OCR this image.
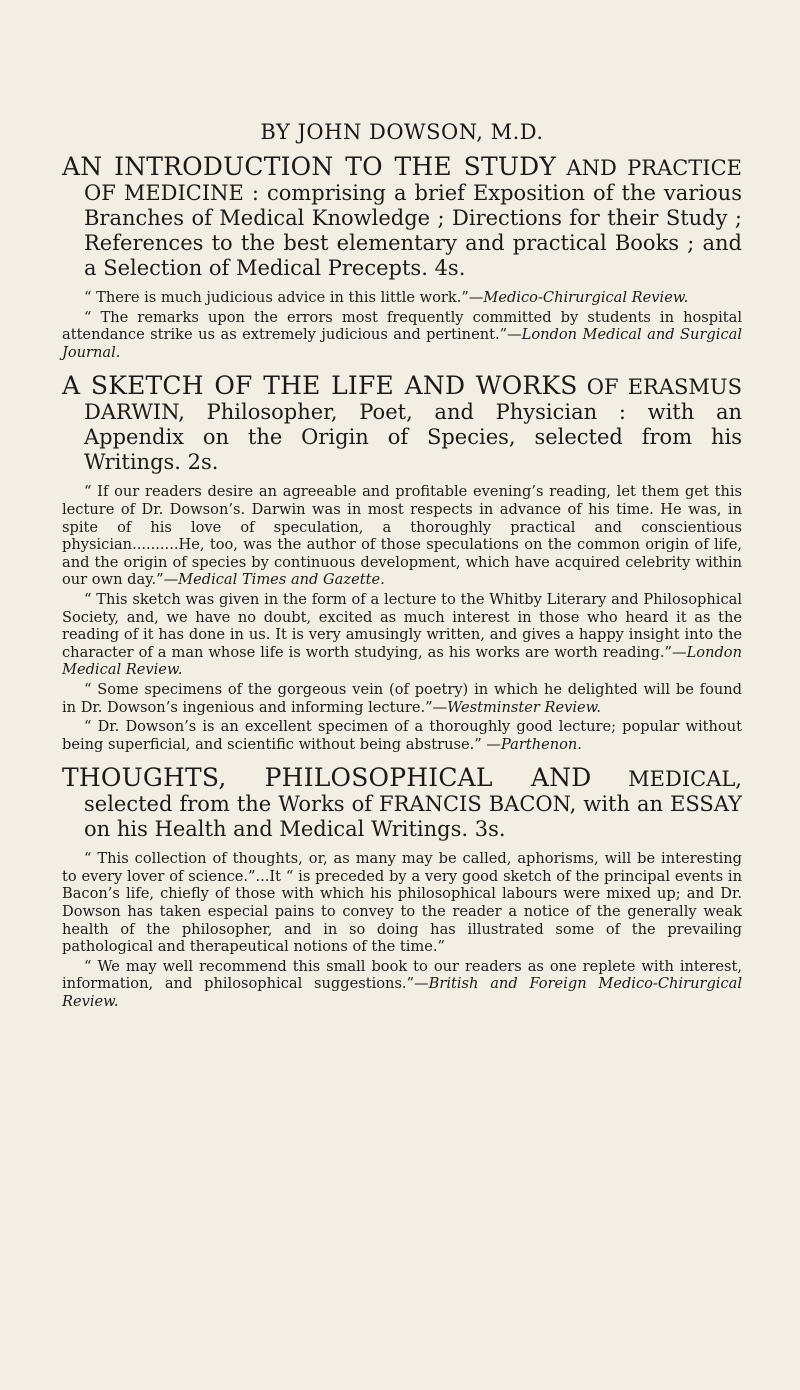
BY JOHN DOWSON, M.D.

AN INTRODUCTION TO THE STUDY AND PRACTICE OF MEDICINE : comprising a brief Exposition of the various Branches of Medical Knowledge ; Directions for their Study ; References to the best elementary and practical Books ; and a Selection of Medical Precepts. 4s.

“ There is much judicious advice in this little work.”—Medico-Chirurgical Review.

“ The remarks upon the errors most frequently committed by students in hospital attendance strike us as extremely judicious and pertinent.”—London Medical and Surgical Journal.

A SKETCH OF THE LIFE AND WORKS OF ERASMUS DARWIN, Philosopher, Poet, and Physician : with an Appendix on the Origin of Species, selected from his Writings. 2s.

“ If our readers desire an agreeable and profitable evening’s reading, let them get this lecture of Dr. Dowson’s. Darwin was in most respects in advance of his time. He was, in spite of his love of speculation, a thoroughly practical and conscientious physician..........He, too, was the author of those speculations on the common origin of life, and the origin of species by continuous development, which have acquired celebrity within our own day.”—Medical Times and Gazette.

“ This sketch was given in the form of a lecture to the Whitby Literary and Philosophical Society, and, we have no doubt, excited as much interest in those who heard it as the reading of it has done in us. It is very amusingly written, and gives a happy insight into the character of a man whose life is worth studying, as his works are worth reading.”—London Medical Review.

“ Some specimens of the gorgeous vein (of poetry) in which he delighted will be found in Dr. Dowson’s ingenious and informing lecture.”—Westminster Review.

“ Dr. Dowson’s is an excellent specimen of a thoroughly good lecture; popular without being superficial, and scientific without being abstruse.” —Parthenon.

THOUGHTS, PHILOSOPHICAL AND MEDICAL, selected from the Works of FRANCIS BACON, with an ESSAY on his Health and Medical Writings. 3s.

“ This collection of thoughts, or, as many may be called, aphorisms, will be interesting to every lover of science.”...It “ is preceded by a very good sketch of the principal events in Bacon’s life, chiefly of those with which his philosophical labours were mixed up; and Dr. Dowson has taken especial pains to convey to the reader a notice of the generally weak health of the philosopher, and in so doing has illustrated some of the prevailing pathological and therapeutical notions of the time.”

“ We may well recommend this small book to our readers as one replete with interest, information, and philosophical suggestions.”—British and Foreign Medico-Chirurgical Review.
